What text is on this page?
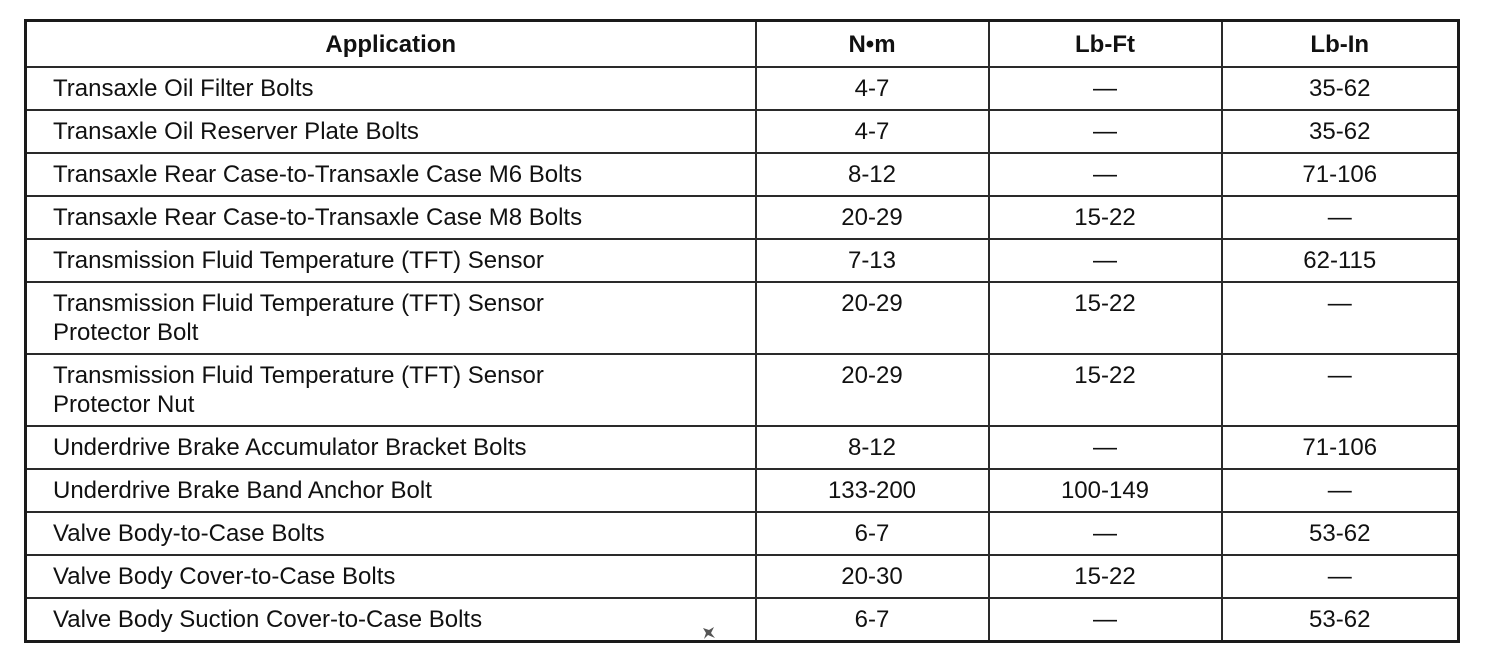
Application	N•m	Lb-Ft	Lb-In
Transaxle Oil Filter Bolts	4-7	—	35-62
Transaxle Oil Reserver Plate Bolts	4-7	—	35-62
Transaxle Rear Case-to-Transaxle Case M6 Bolts	8-12	—	71-106
Transaxle Rear Case-to-Transaxle Case M8 Bolts	20-29	15-22	—
Transmission Fluid Temperature (TFT) Sensor	7-13	—	62-115
Transmission Fluid Temperature (TFT) Sensor Protector Bolt	20-29	15-22	—
Transmission Fluid Temperature (TFT) Sensor Protector Nut	20-29	15-22	—
Underdrive Brake Accumulator Bracket Bolts	8-12	—	71-106
Underdrive Brake Band Anchor Bolt	133-200	100-149	—
Valve Body-to-Case Bolts	6-7	—	53-62
Valve Body Cover-to-Case Bolts	20-30	15-22	—
Valve Body Suction Cover-to-Case Bolts	6-7	—	53-62
